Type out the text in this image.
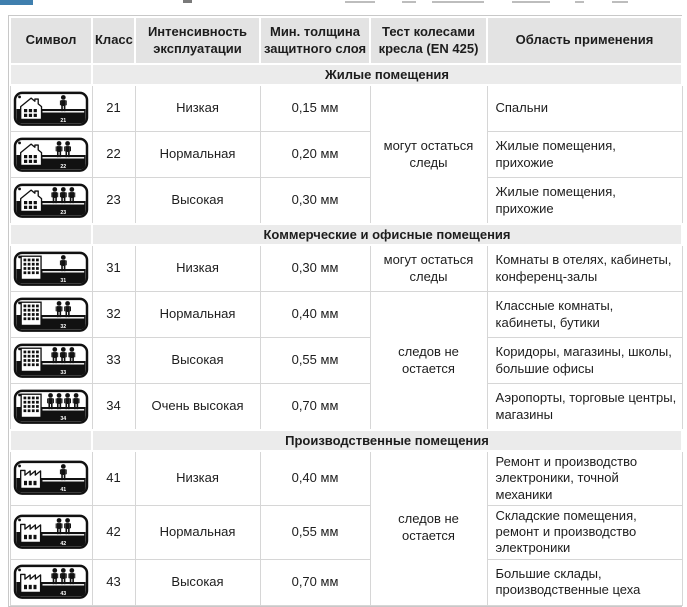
Символ	Класс	Интенсивность эксплуатации	Мин. толщина защитного слоя	Тест колесами кресла (EN 425)	Область применения
	Жилые помещения				

21	21	Низкая	0,15 мм	могут остаться следы	Спальни

22	22	Нормальная	0,20 мм		Жилые помещения, прихожие

23	23	Высокая	0,30 мм		Жилые помещения, прихожие
	Коммерческие и офисные помещения				

31	31	Низкая	0,30 мм	могут остаться следы	Комнаты в отелях, кабинеты, конференц-залы

32	32	Нормальная	0,40 мм	следов не остается	Классные комнаты, кабинеты, бутики

33	33	Высокая	0,55 мм		Коридоры, магазины, школы, большие офисы

34	34	Очень высокая	0,70 мм		Аэропорты, торговые центры, магазины
	Производственные помещения				

41	41	Низкая	0,40 мм	следов не остается	Ремонт и производство электроники, точной механики

42	42	Нормальная	0,55 мм		Складские помещения, ремонт и производство электроники

43	43	Высокая	0,70 мм		Большие склады, производственные цеха
